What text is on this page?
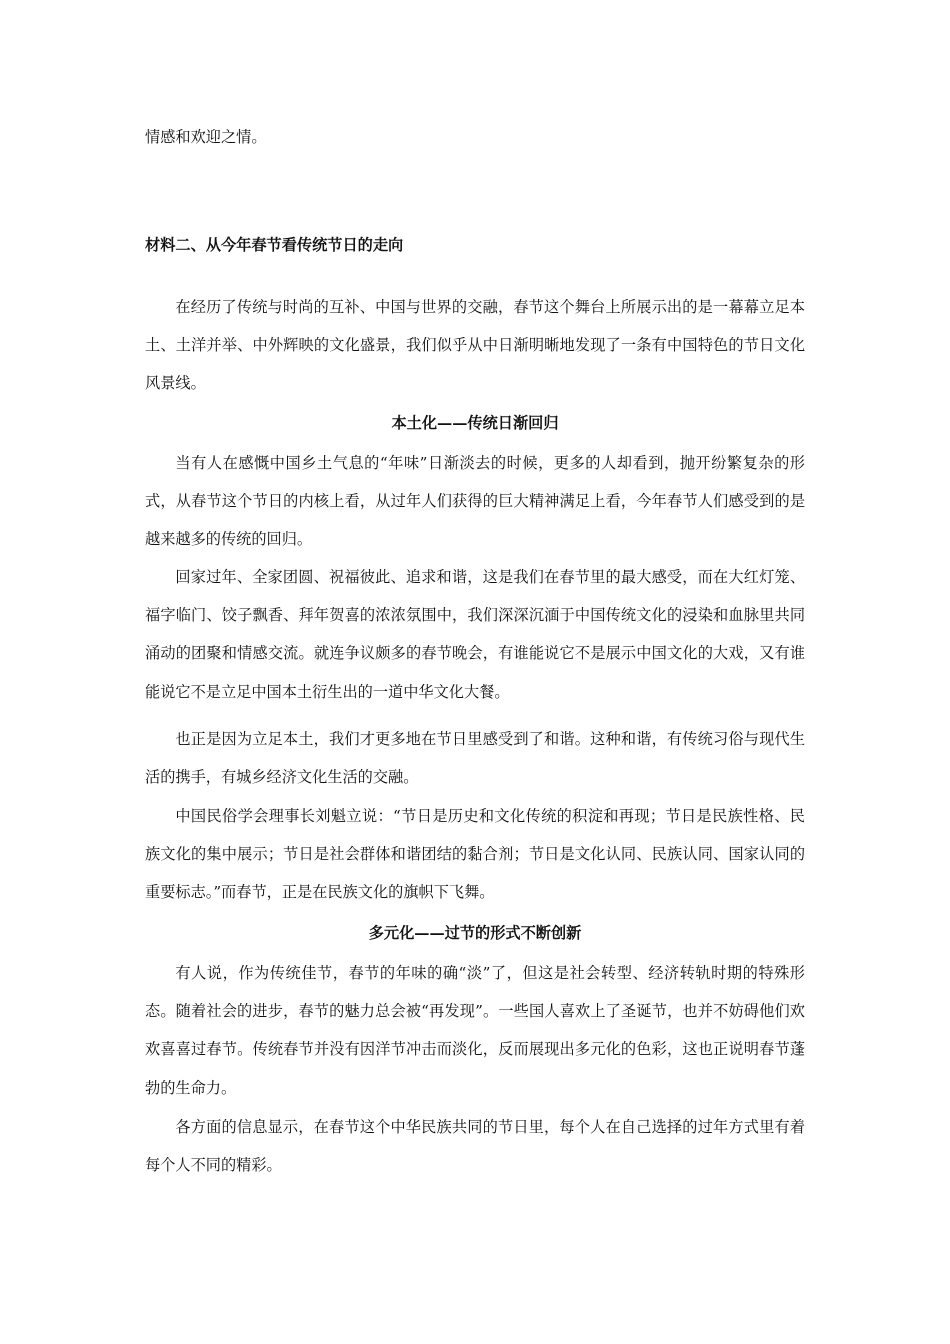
情感和欢迎之情。

材料二、从今年春节看传统节日的走向

在经历了传统与时尚的互补、中国与世界的交融，春节这个舞台上所展示出的是一幕幕立足本土、土洋并举、中外辉映的文化盛景，我们似乎从中日渐明晰地发现了一条有中国特色的节日文化风景线。

本土化——传统日渐回归

当有人在感慨中国乡土气息的“年味”日渐淡去的时候，更多的人却看到，抛开纷繁复杂的形式，从春节这个节日的内核上看，从过年人们获得的巨大精神满足上看，今年春节人们感受到的是越来越多的传统的回归。

回家过年、全家团圆、祝福彼此、追求和谐，这是我们在春节里的最大感受，而在大红灯笼、福字临门、饺子飘香、拜年贺喜的浓浓氛围中，我们深深沉湎于中国传统文化的浸染和血脉里共同涌动的团聚和情感交流。就连争议颇多的春节晚会，有谁能说它不是展示中国文化的大戏，又有谁能说它不是立足中国本土衍生出的一道中华文化大餐。

也正是因为立足本土，我们才更多地在节日里感受到了和谐。这种和谐，有传统习俗与现代生活的携手，有城乡经济文化生活的交融。

中国民俗学会理事长刘魁立说：“节日是历史和文化传统的积淀和再现；节日是民族性格、民族文化的集中展示；节日是社会群体和谐团结的黏合剂；节日是文化认同、民族认同、国家认同的重要标志。”而春节，正是在民族文化的旗帜下飞舞。

多元化——过节的形式不断创新

有人说，作为传统佳节，春节的年味的确“淡”了，但这是社会转型、经济转轨时期的特殊形态。随着社会的进步，春节的魅力总会被“再发现”。一些国人喜欢上了圣诞节，也并不妨碍他们欢欢喜喜过春节。传统春节并没有因洋节冲击而淡化，反而展现出多元化的色彩，这也正说明春节蓬勃的生命力。

各方面的信息显示，在春节这个中华民族共同的节日里，每个人在自己选择的过年方式里有着每个人不同的精彩。
